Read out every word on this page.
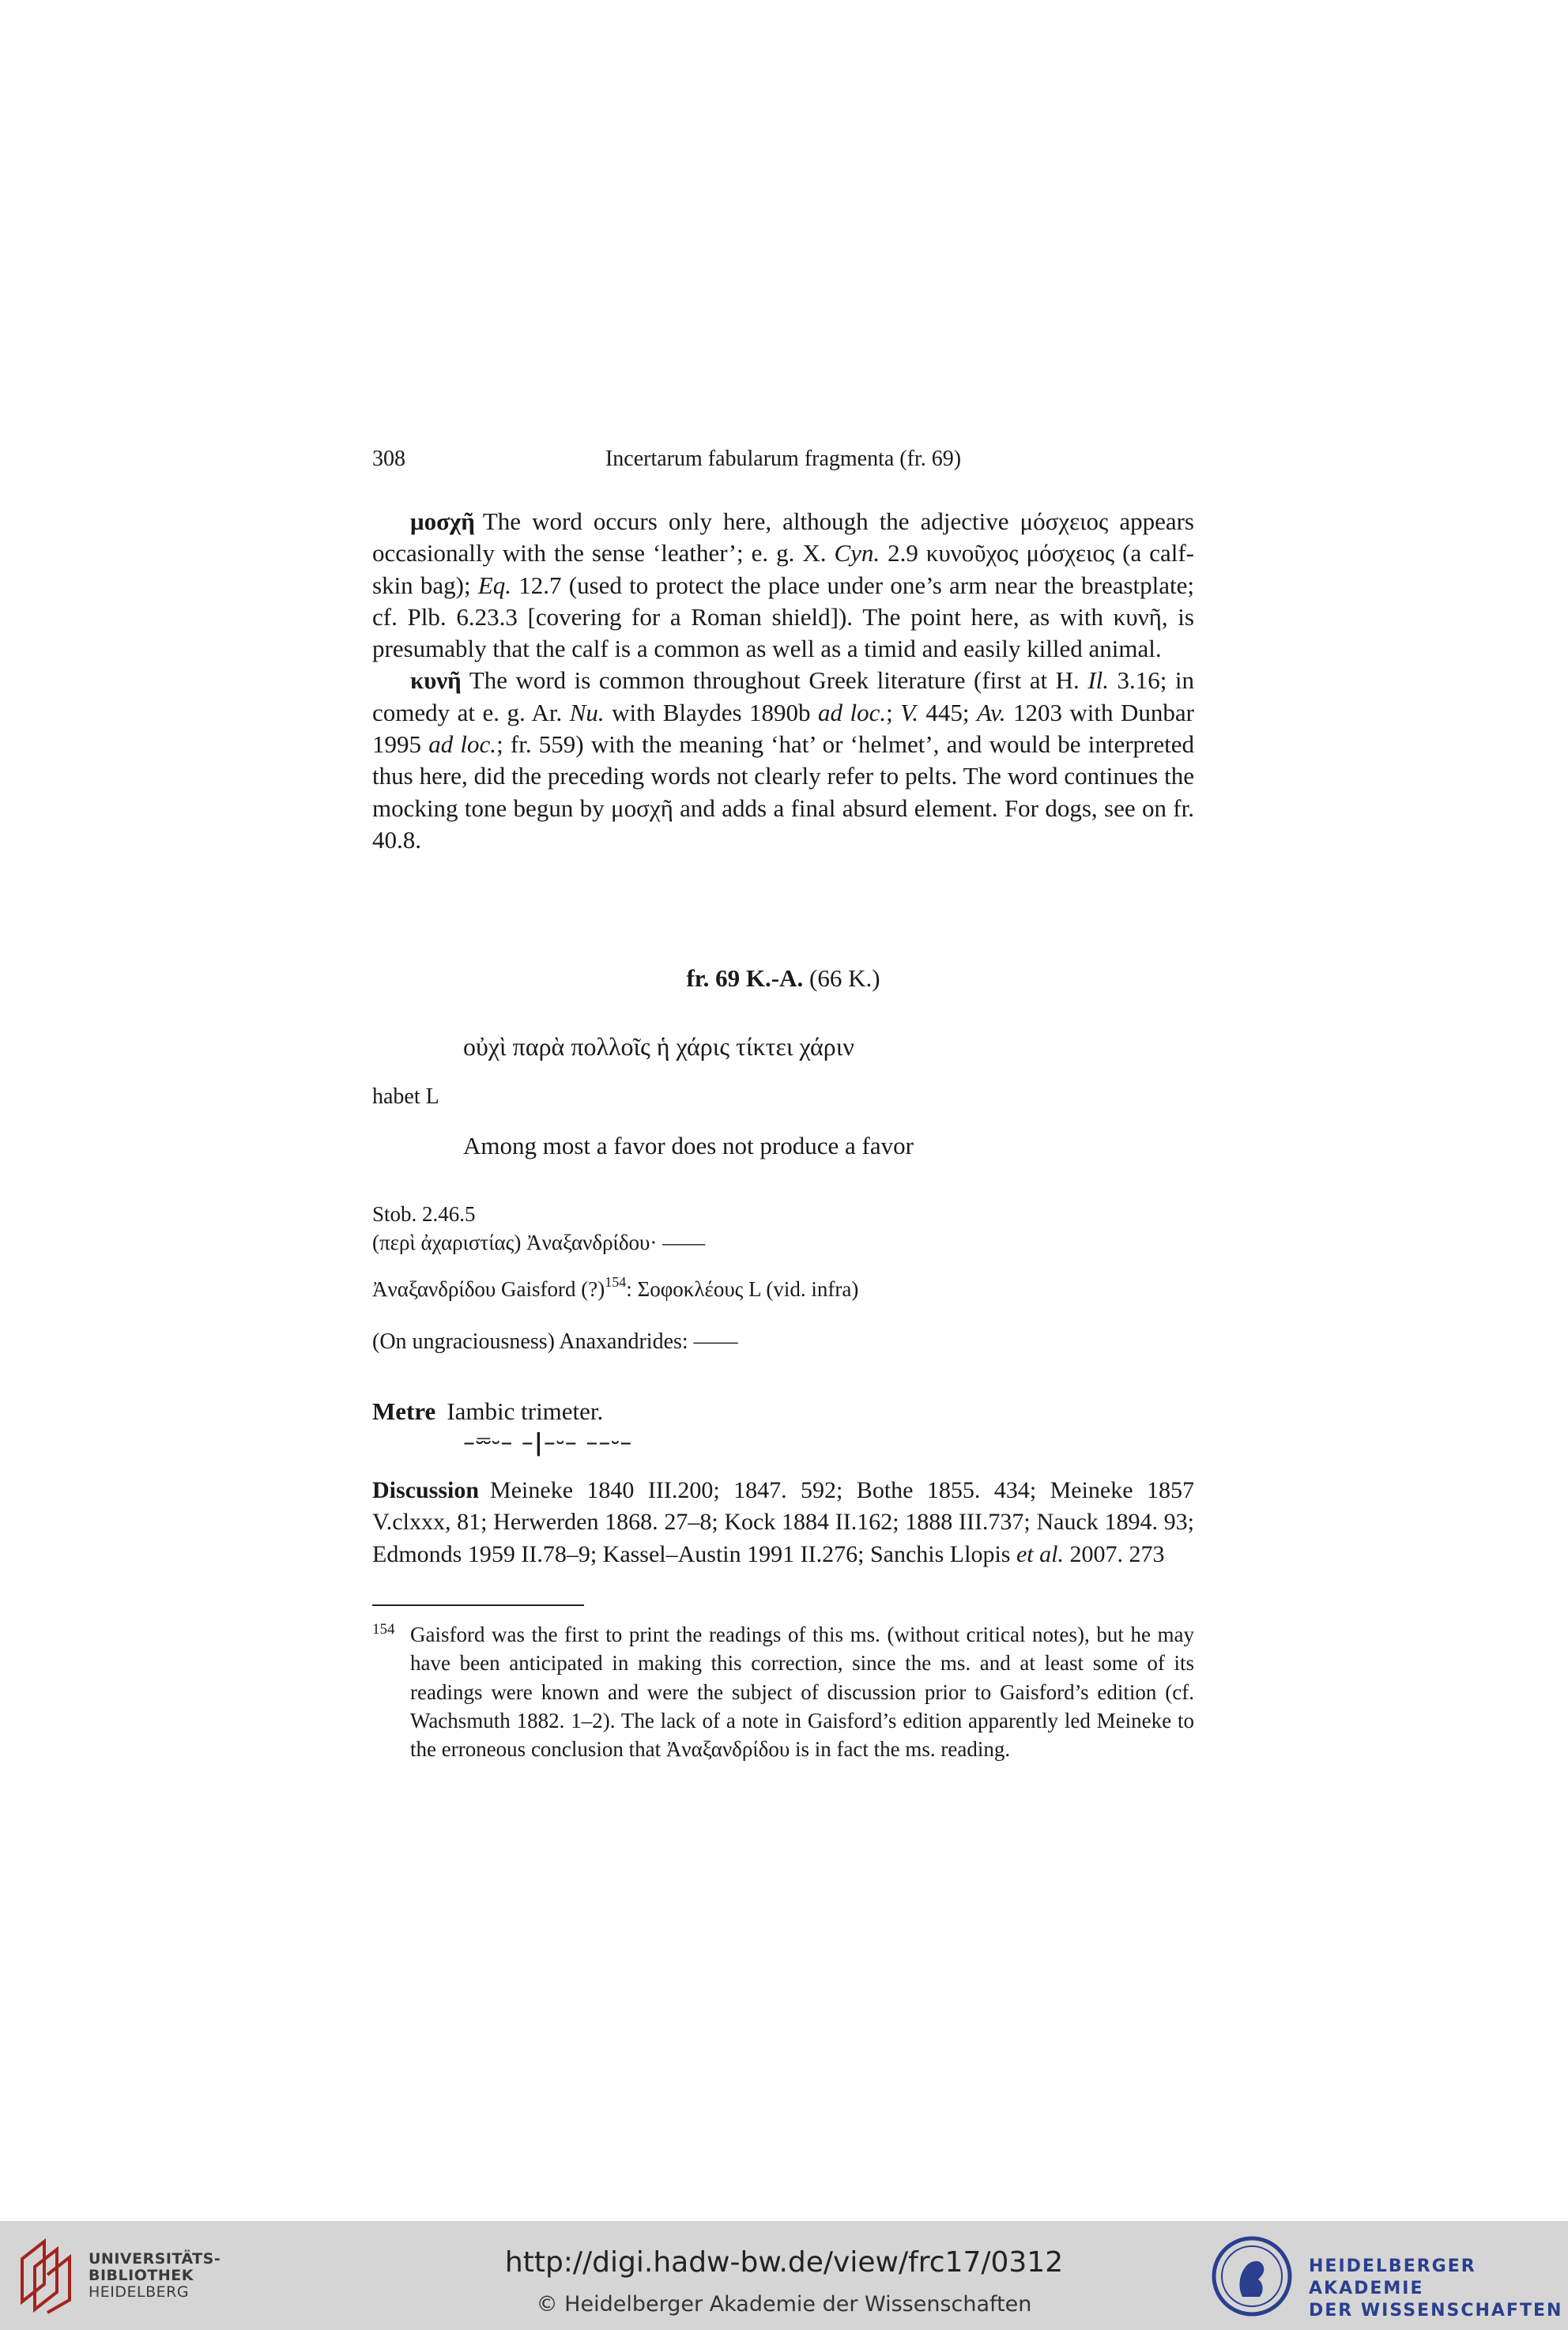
308	Incertarum fabularum fragmenta (fr. 69)

μοσχῆ The word occurs only here, although the adjective μόσχειος appears occasionally with the sense ‘leather’; e. g. X. Cyn. 2.9 κυνοῦχος μόσχειος (a calf-skin bag); Eq. 12.7 (used to protect the place under one’s arm near the breastplate; cf. Plb. 6.23.3 [covering for a Roman shield]). The point here, as with κυνῆ, is presumably that the calf is a common as well as a timid and easily killed animal.

κυνῆ The word is common throughout Greek literature (first at H. Il. 3.16; in comedy at e. g. Ar. Nu. with Blaydes 1890b ad loc.; V. 445; Av. 1203 with Dunbar 1995 ad loc.; fr. 559) with the meaning ‘hat’ or ‘helmet’, and would be interpreted thus here, did the preceding words not clearly refer to pelts. The word continues the mocking tone begun by μοσχῆ and adds a final absurd element. For dogs, see on fr. 40.8.

fr. 69 K.-A. (66 K.)
οὐχὶ παρὰ πολλοῖς ἡ χάρις τίκτει χάριν
habet L
Among most a favor does not produce a favor
Stob. 2.46.5
(περὶ ἀχαριστίας) Ἀναξανδρίδου· ——
Ἀναξανδρίδου Gaisford (?)$^{154}$: Σοφοκλέους L (vid. infra)
(On ungraciousness) Anaxandrides: ——
Metre Iambic trimeter.
–⏔⏑– –|–⏑– ––⏑–
Discussion Meineke 1840 III.200; 1847. 592; Bothe 1855. 434; Meineke 1857 V.clxxx, 81; Herwerden 1868. 27–8; Kock 1884 II.162; 1888 III.737; Nauck 1894. 93; Edmonds 1959 II.78–9; Kassel–Austin 1991 II.276; Sanchis Llopis et al. 2007. 273
154 Gaisford was the first to print the readings of this ms. (without critical notes), but he may have been anticipated in making this correction, since the ms. and at least some of its readings were known and were the subject of discussion prior to Gaisford’s edition (cf. Wachsmuth 1882. 1–2). The lack of a note in Gaisford’s edition apparently led Meineke to the erroneous conclusion that Ἀναξανδρίδου is in fact the ms. reading.
UNIVERSITÄTS-
BIBLIOTHEK
HEIDELBERG
http://digi.hadw-bw.de/view/frc17/0312
© Heidelberger Akademie der Wissenschaften
HEIDELBERGER AKADEMIE
DER WISSENSCHAFTEN
